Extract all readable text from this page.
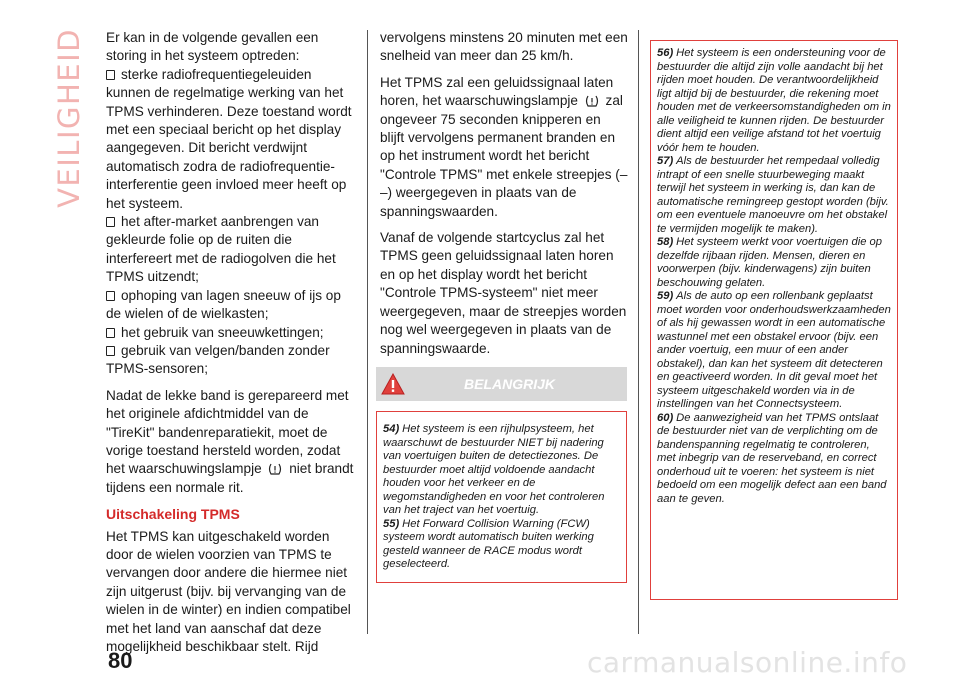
VEILIGHEID Er kan in de volgende gevallen een storing in het systeem optreden:

sterke radiofrequentiegeleuiden kunnen de regelmatige werking van het TPMS verhinderen. Deze toestand wordt met een speciaal bericht op het display aangegeven. Dit bericht verdwijnt automatisch zodra de radiofrequentie-interferentie geen invloed meer heeft op het systeem.
het after-market aanbrengen van gekleurde folie op de ruiten die interfereert met de radiogolven die het TPMS uitzendt;
ophoping van lagen sneeuw of ijs op de wielen of de wielkasten;
het gebruik van sneeuwkettingen;
gebruik van velgen/banden zonder TPMS-sensoren;

Nadat de lekke band is gerepareerd met het originele afdichtmiddel van de "TireKit" bandenreparatiekit, moet de vorige toestand hersteld worden, zodat het waarschuwingslampje niet brandt tijdens een normale rit.

Uitschakeling TPMS

Het TPMS kan uitgeschakeld worden door de wielen voorzien van TPMS te vervangen door andere die hiermee niet zijn uitgerust (bijv. bij vervanging van de wielen in de winter) en indien compatibel met het land van aanschaf dat deze mogelijkheid beschikbaar stelt. Rijd

vervolgens minstens 20 minuten met een snelheid van meer dan 25 km/h.

Het TPMS zal een geluidssignaal laten horen, het waarschuwingslampje zal ongeveer 75 seconden knipperen en blijft vervolgens permanent branden en op het instrument wordt het bericht "Controle TPMS" met enkele streepjes (– –) weergegeven in plaats van de spanningswaarden.

Vanaf de volgende startcyclus zal het TPMS geen geluidssignaal laten horen en op het display wordt het bericht "Controle TPMS-systeem" niet meer weergegeven, maar de streepjes worden nog wel weergegeven in plaats van de spanningswaarde.

BELANGRIJK

54) Het systeem is een rijhulpsysteem, het waarschuwt de bestuurder NIET bij nadering van voertuigen buiten de detectiezones. De bestuurder moet altijd voldoende aandacht houden voor het verkeer en de wegomstandigheden en voor het controleren van het traject van het voertuig.

55) Het Forward Collision Warning (FCW) systeem wordt automatisch buiten werking gesteld wanneer de RACE modus wordt geselecteerd.

56) Het systeem is een ondersteuning voor de bestuurder die altijd zijn volle aandacht bij het rijden moet houden. De verantwoordelijkheid ligt altijd bij de bestuurder, die rekening moet houden met de verkeersomstandigheden om in alle veiligheid te kunnen rijden. De bestuurder dient altijd een veilige afstand tot het voertuig vóór hem te houden.

57) Als de bestuurder het rempedaal volledig intrapt of een snelle stuurbeweging maakt terwijl het systeem in werking is, dan kan de automatische remingreep gestopt worden (bijv. om een eventuele manoeuvre om het obstakel te vermijden mogelijk te maken).

58) Het systeem werkt voor voertuigen die op dezelfde rijbaan rijden. Mensen, dieren en voorwerpen (bijv. kinderwagens) zijn buiten beschouwing gelaten.

59) Als de auto op een rollenbank geplaatst moet worden voor onderhoudswerkzaamheden of als hij gewassen wordt in een automatische wastunnel met een obstakel ervoor (bijv. een ander voertuig, een muur of een ander obstakel), dan kan het systeem dit detecteren en geactiveerd worden. In dit geval moet het systeem uitgeschakeld worden via in de instellingen van het Connectsysteem.

60) De aanwezigheid van het TPMS ontslaat de bestuurder niet van de verplichting om de bandenspanning regelmatig te controleren, met inbegrip van de reserveband, en correct onderhoud uit te voeren: het systeem is niet bedoeld om een mogelijk defect aan een band aan te geven.

80	carmanualsonline.info
